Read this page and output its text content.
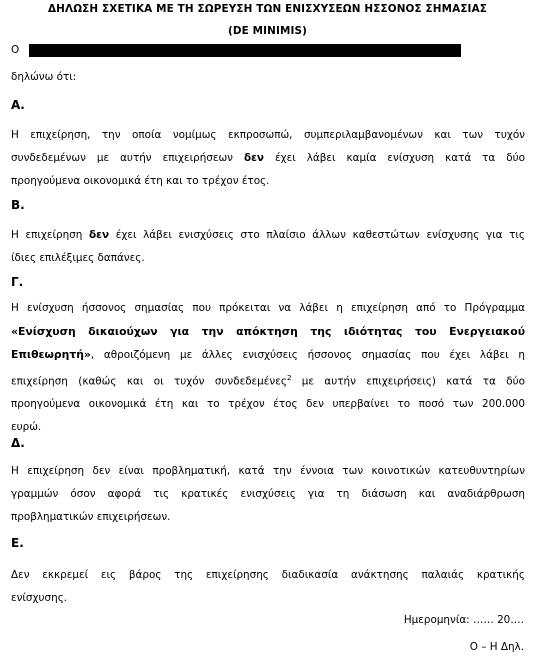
ΔΗΛΩΣΗ ΣΧΕΤΙΚΑ ΜΕ ΤΗ ΣΩΡΕΥΣΗ ΤΩΝ ΕΝΙΣΧΥΣΕΩΝ ΗΣΣΟΝΟΣ ΣΗΜΑΣΙΑΣ
(DE MINIMIS)
Ο
δηλώνω ότι:
Α.
Η επιχείρηση, την οποία νομίμως εκπροσωπώ, συμπεριλαμβανομένων και των τυχόν
συνδεδεμένων με αυτήν επιχειρήσεων δεν έχει λάβει καμία ενίσχυση κατά τα δύο
προηγούμενα οικονομικά έτη και το τρέχον έτος.
Β.
Η επιχείρηση δεν έχει λάβει ενισχύσεις στο πλαίσιο άλλων καθεστώτων ενίσχυσης για τις
ίδιες επιλέξιμες δαπάνες.
Γ.
Η ενίσχυση ήσσονος σημασίας που πρόκειται να λάβει η επιχείρηση από το Πρόγραμμα
«Ενίσχυση δικαιούχων για την απόκτηση της ιδιότητας του Ενεργειακού
Επιθεωρητή», αθροιζόμενη με άλλες ενισχύσεις ήσσονος σημασίας που έχει λάβει η
επιχείρηση (καθώς και οι τυχόν συνδεδεμένες$^2$ με αυτήν επιχειρήσεις) κατά τα δύο
προηγούμενα οικονομικά έτη και το τρέχον έτος δεν υπερβαίνει το ποσό των 200.000
ευρώ.
Δ.
Η επιχείρηση δεν είναι προβληματική, κατά την έννοια των κοινοτικών κατευθυντηρίων
γραμμών όσον αφορά τις κρατικές ενισχύσεις για τη διάσωση και αναδιάρθρωση
προβληματικών επιχειρήσεων.
Ε.
Δεν εκκρεμεί εις βάρος της επιχείρησης διαδικασία ανάκτησης παλαιάς κρατικής
ενίσχυσης.
Ημερομηνία: …… 20….
Ο – Η Δηλ.
